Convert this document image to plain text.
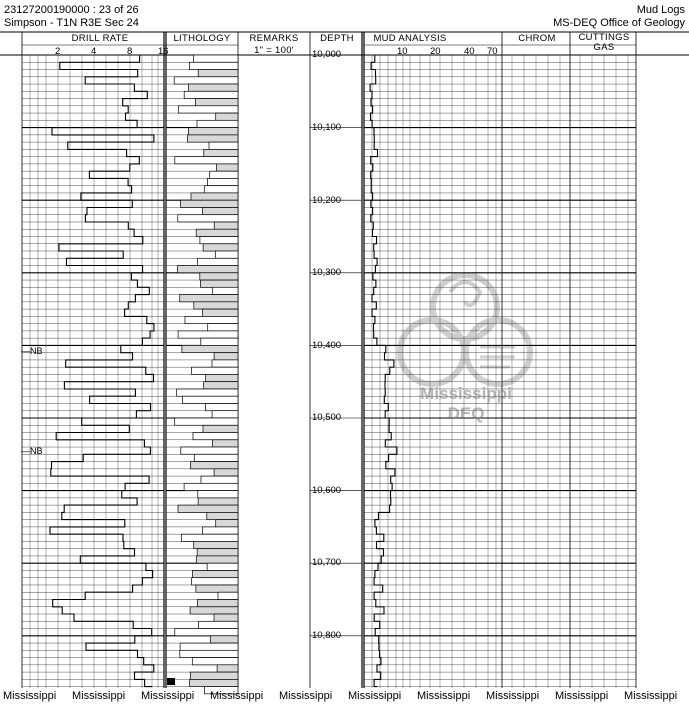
23127200190000 : 23 of 26
Simpson - T1N R3E Sec 24
Mud Logs
MS-DEQ Office of Geology
DRILL RATE	LITHOLOGY	REMARKS
1" = 100'
DEPTH	MUD ANALYSIS	CHROM	CUTTINGS
GAS
2	4	8	16	10 20 40 70
10,000
10,100
10,200
10,300
10,400
10,500
10,600
10,700
10,800
—NB
—NB
Mississippi
DEQ
Mississippi Mississippi Mississippi Mississippi Mississippi Mississippi Mississippi Mississippi Mississippi Mississippi
